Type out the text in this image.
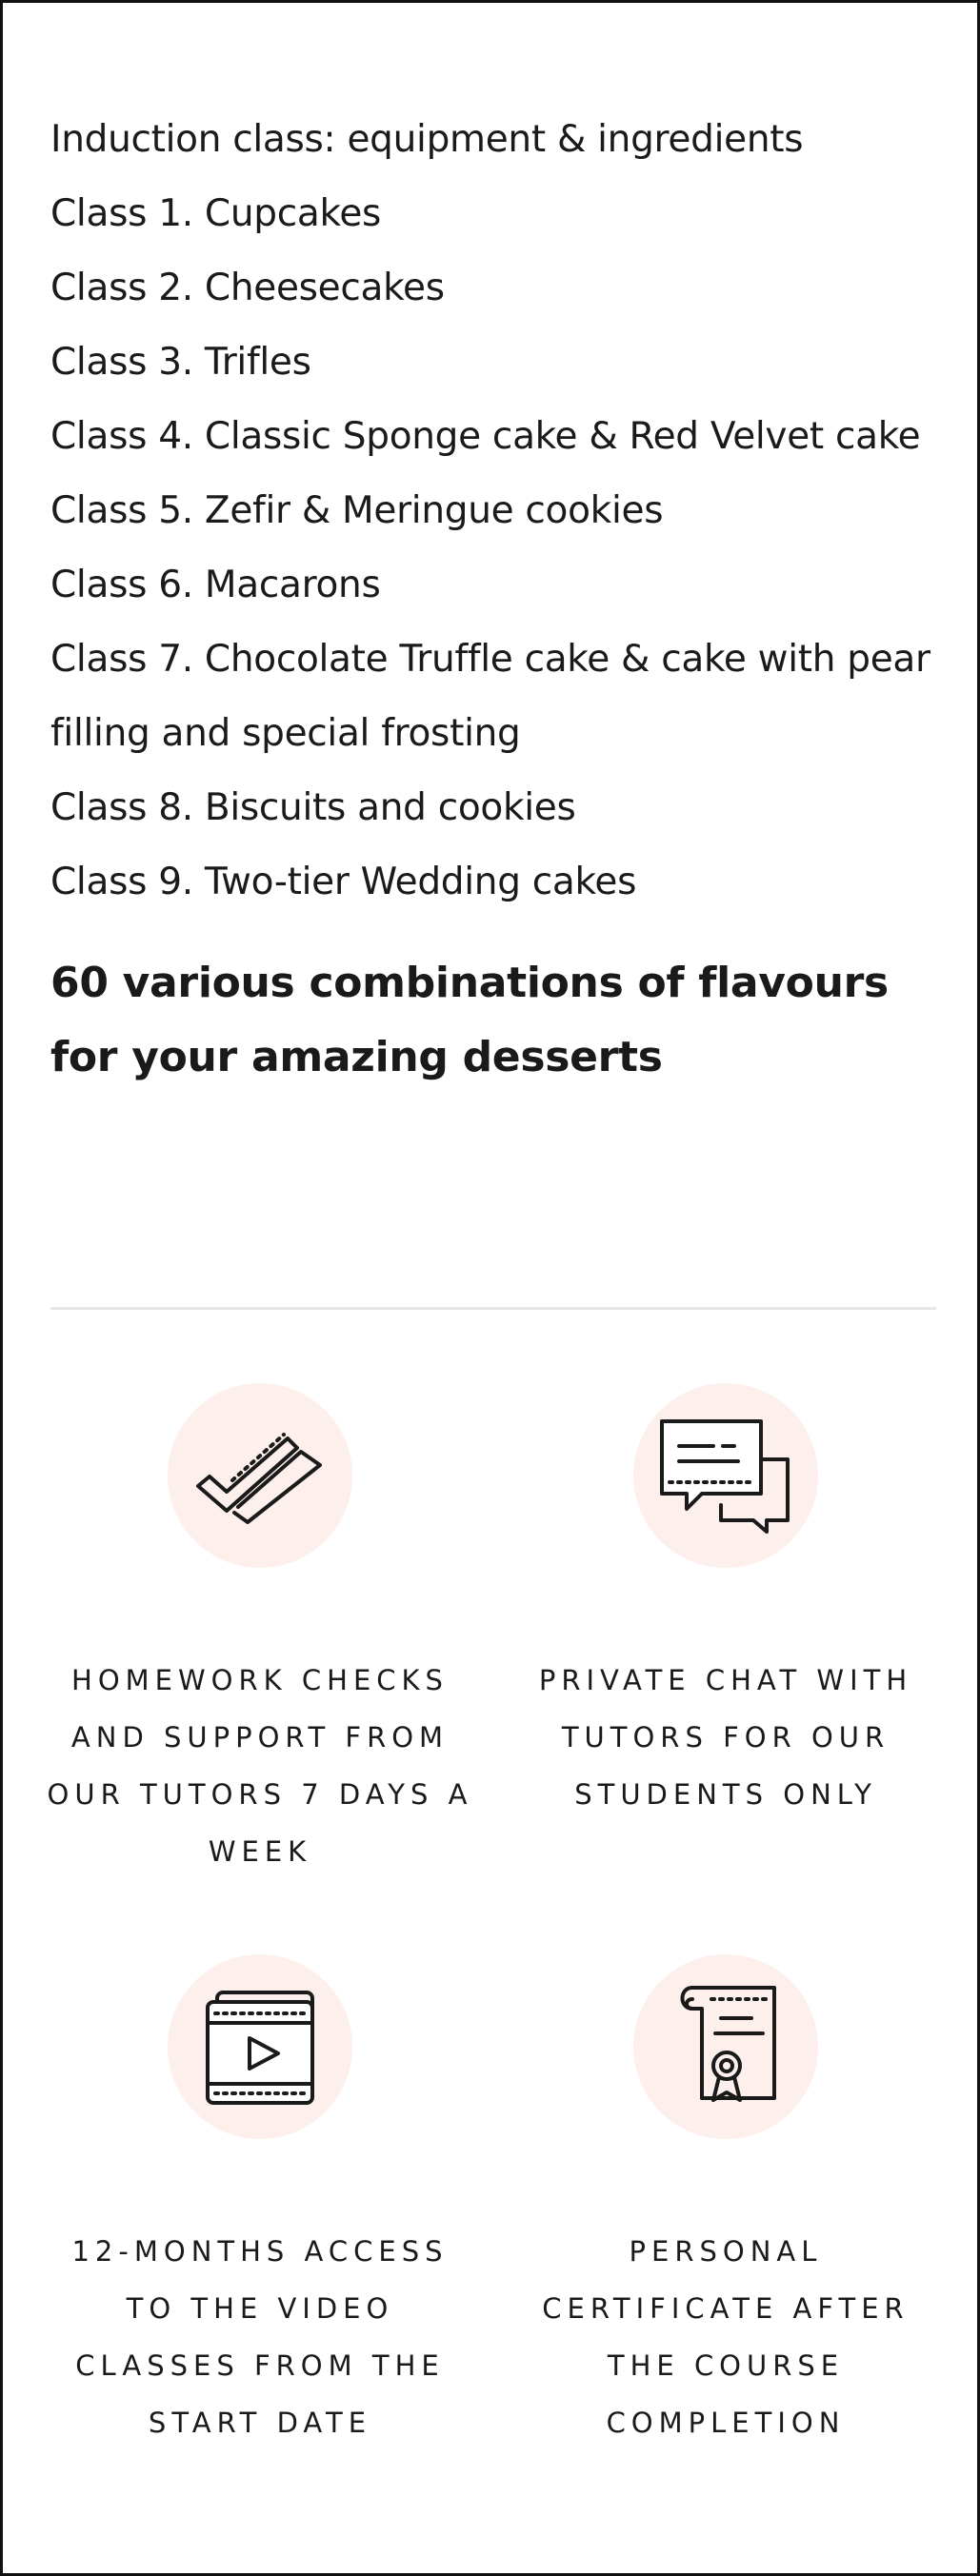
Induction class: equipment & ingredients
Class 1. Cupcakes
Class 2. Cheesecakes
Class 3. Trifles
Class 4. Classic Sponge cake & Red Velvet cake
Class 5. Zefir & Meringue cookies
Class 6. Macarons
Class 7. Chocolate Truffle cake & cake with pear filling and special frosting
Class 8. Biscuits and cookies
Class 9. Two-tier Wedding cakes
60 various combinations of flavours for your amazing desserts
HOMEWORK CHECKS AND SUPPORT FROM OUR TUTORS 7 DAYS A WEEK
PRIVATE CHAT WITH TUTORS FOR OUR STUDENTS ONLY
12-MONTHS ACCESS TO THE VIDEO CLASSES FROM THE START DATE
PERSONAL CERTIFICATE AFTER THE COURSE COMPLETION
